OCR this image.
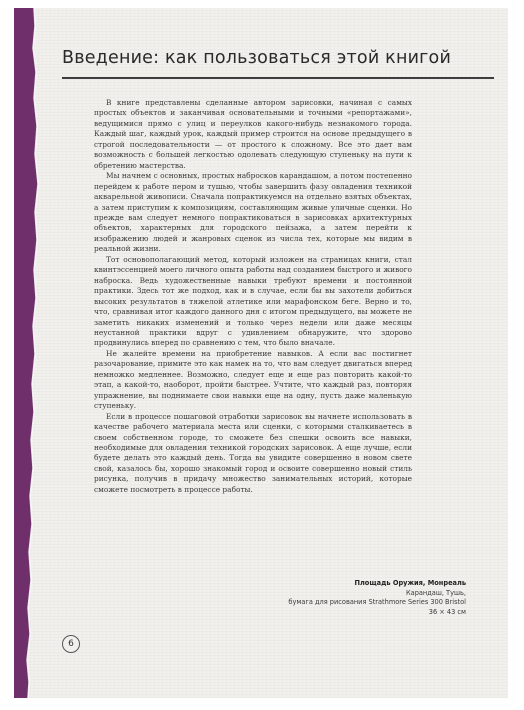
Введение: как пользоваться этой книгой

В книге представлены сделанные автором зарисовки, начиная с самых простых объектов и заканчивая основательными и точными «репортажами», ведущимися прямо с улиц и переулков какого-нибудь незнакомого города. Каждый шаг, каждый урок, каждый пример строится на основе предыдущего в строгой последовательности — от простого к сложному. Все это дает вам возможность с большей легкостью одолевать следующую ступеньку на пути к обретению мастерства.

Мы начнем с основных, простых набросков карандашом, а потом постепенно перейдем к работе пером и тушью, чтобы завершить фазу овладения техникой акварельной живописи. Сначала попрактикуемся на отдельно взятых объектах, а затем приступим к композициям, составляющим живые уличные сценки. Но прежде вам следует немного попрактиковаться в зарисовках архитектурных объектов, характерных для городского пейзажа, а затем перейти к изображению людей и жанровых сценок из числа тех, которые мы видим в реальной жизни.

Тот основополагающий метод, который изложен на страницах книги, стал квинтэссенцией моего личного опыта работы над созданием быстрого и живого наброска. Ведь художественные навыки требуют времени и постоянной практики. Здесь тот же подход, как и в случае, если бы вы захотели добиться высоких результатов в тяжелой атлетике или марафонском беге. Верно и то, что, сравнивая итог каждого данного дня с итогом предыдущего, вы можете не заметить никаких изменений и только через недели или даже месяцы неустанной практики вдруг с удивлением обнаружите, что здорово продвинулись вперед по сравнению с тем, что было вначале.

Не жалейте времени на приобретение навыков. А если вас постигнет разочарование, примите это как намек на то, что вам следует двигаться вперед немножко медленнее. Возможно, следует еще и еще раз повторить какой-то этап, а какой-то, наоборот, пройти быстрее. Учтите, что каждый раз, повторяя упражнение, вы поднимаете свои навыки еще на одну, пусть даже маленькую ступеньку.

Если в процессе пошаговой отработки зарисовок вы начнете использовать в качестве рабочего материала места или сценки, с которыми сталкиваетесь в своем собственном городе, то сможете без спешки освоить все навыки, необходимые для овладения техникой городских зарисовок. А еще лучше, если будете делать это каждый день. Тогда вы увидите совершенно в новом свете свой, казалось бы, хорошо знакомый город и освоите совершенно новый стиль рисунка, получив в придачу множество занимательных историй, которые сможете посмотреть в процессе работы.

Площадь Оружия, Монреаль
Карандаш, Тушь,
бумага для рисования Strathmore Series 300 Bristol
36 × 43 см
6
